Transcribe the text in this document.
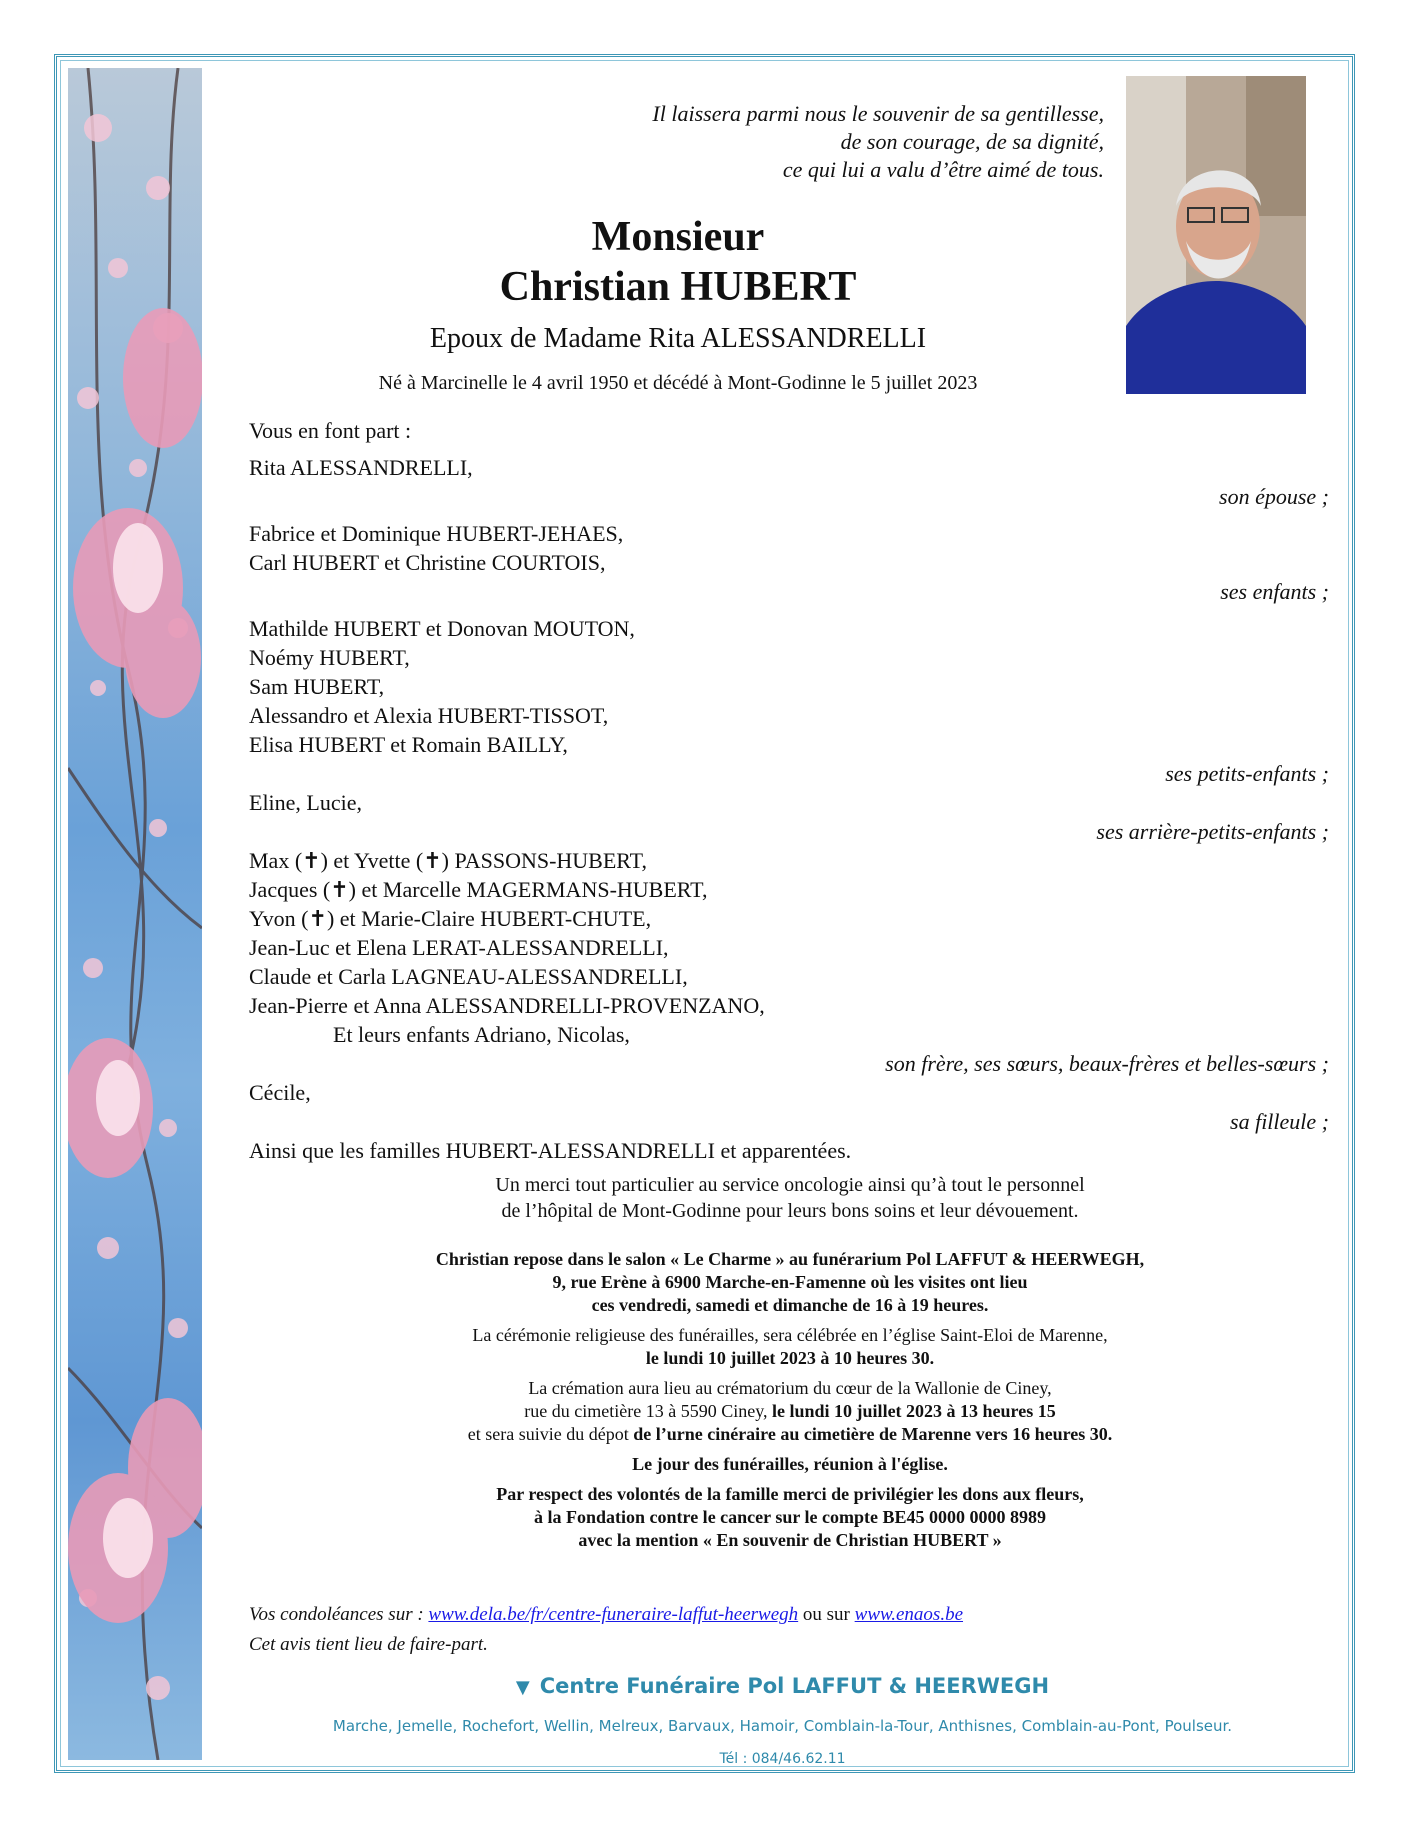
Il laissera parmi nous le souvenir de sa gentillesse,
de son courage, de sa dignité,
ce qui lui a valu d’être aimé de tous.
Monsieur
Christian HUBERT
Epoux de Madame Rita ALESSANDRELLI
Né à Marcinelle le 4 avril 1950 et décédé à Mont-Godinne le 5 juillet 2023
Vous en font part :
Rita ALESSANDRELLI,
son épouse ;
Fabrice et Dominique HUBERT-JEHAES,
Carl HUBERT et Christine COURTOIS,
ses enfants ;
Mathilde HUBERT et Donovan MOUTON,
Noémy HUBERT,
Sam HUBERT,
Alessandro et Alexia HUBERT-TISSOT,
Elisa HUBERT et Romain BAILLY,
ses petits-enfants ;
Eline, Lucie,
ses arrière-petits-enfants ;
Max (✝) et Yvette (✝) PASSONS-HUBERT,
Jacques (✝) et Marcelle MAGERMANS-HUBERT,
Yvon (✝) et Marie-Claire HUBERT-CHUTE,
Jean-Luc et Elena LERAT-ALESSANDRELLI,
Claude et Carla LAGNEAU-ALESSANDRELLI,
Jean-Pierre et Anna ALESSANDRELLI-PROVENZANO,
Et leurs enfants Adriano, Nicolas,
son frère, ses sœurs, beaux-frères et belles-sœurs ;
Cécile,
sa filleule ;
Ainsi que les familles HUBERT-ALESSANDRELLI et apparentées.
Un merci tout particulier au service oncologie ainsi qu’à tout le personnel
de l’hôpital de Mont-Godinne pour leurs bons soins et leur dévouement.
Christian repose dans le salon « Le Charme » au funérarium Pol LAFFUT & HEERWEGH,
9, rue Erène à 6900 Marche-en-Famenne où les visites ont lieu
ces vendredi, samedi et dimanche de 16 à 19 heures.
La cérémonie religieuse des funérailles, sera célébrée en l’église Saint-Eloi de Marenne,
le lundi 10 juillet 2023 à 10 heures 30.
La crémation aura lieu au crématorium du cœur de la Wallonie de Ciney,
rue du cimetière 13 à 5590 Ciney, le lundi 10 juillet 2023 à 13 heures 15
et sera suivie du dépot de l’urne cinéraire au cimetière de Marenne vers 16 heures 30.
Le jour des funérailles, réunion à l'église.
Par respect des volontés de la famille merci de privilégier les dons aux fleurs,
à la Fondation contre le cancer sur le compte BE45 0000 0000 8989
avec la mention « En souvenir de Christian HUBERT »
Vos condoléances sur : www.dela.be/fr/centre-funeraire-laffut-heerwegh ou sur www.enaos.be
Cet avis tient lieu de faire-part.
▼ Centre Funéraire Pol LAFFUT & HEERWEGH
Marche, Jemelle, Rochefort, Wellin, Melreux, Barvaux, Hamoir, Comblain-la-Tour, Anthisnes, Comblain-au-Pont, Poulseur.
Tél : 084/46.62.11
